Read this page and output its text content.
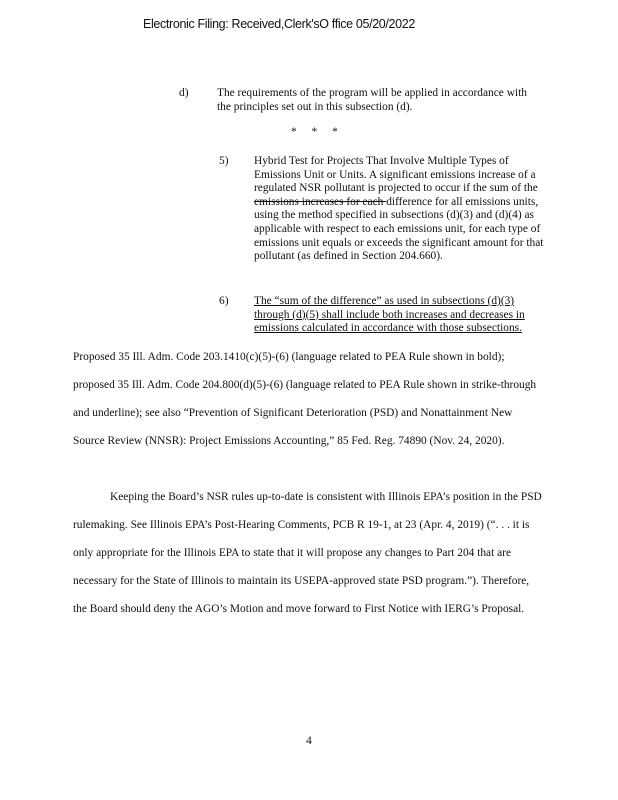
Electronic Filing: Received,Clerk'sO ffice 05/20/2022
d)	The requirements of the program will be applied in accordance with the principles set out in this subsection (d).
* * *
5) Hybrid Test for Projects That Involve Multiple Types of Emissions Unit or Units. A significant emissions increase of a regulated NSR pollutant is projected to occur if the sum of the emissions increases for each difference for all emissions units, using the method specified in subsections (d)(3) and (d)(4) as applicable with respect to each emissions unit, for each type of emissions unit equals or exceeds the significant amount for that pollutant (as defined in Section 204.660).
6) The “sum of the difference” as used in subsections (d)(3) through (d)(5) shall include both increases and decreases in emissions calculated in accordance with those subsections.
Proposed 35 Ill. Adm. Code 203.1410(c)(5)-(6) (language related to PEA Rule shown in bold); proposed 35 Ill. Adm. Code 204.800(d)(5)-(6) (language related to PEA Rule shown in strike-through and underline); see also “Prevention of Significant Deterioration (PSD) and Nonattainment New Source Review (NNSR): Project Emissions Accounting,” 85 Fed. Reg. 74890 (Nov. 24, 2020).
Keeping the Board’s NSR rules up-to-date is consistent with Illinois EPA’s position in the PSD rulemaking. See Illinois EPA’s Post-Hearing Comments, PCB R 19-1, at 23 (Apr. 4, 2019) (“. . . it is only appropriate for the Illinois EPA to state that it will propose any changes to Part 204 that are necessary for the State of Illinois to maintain its USEPA-approved state PSD program.”). Therefore, the Board should deny the AGO’s Motion and move forward to First Notice with IERG’s Proposal.
4
